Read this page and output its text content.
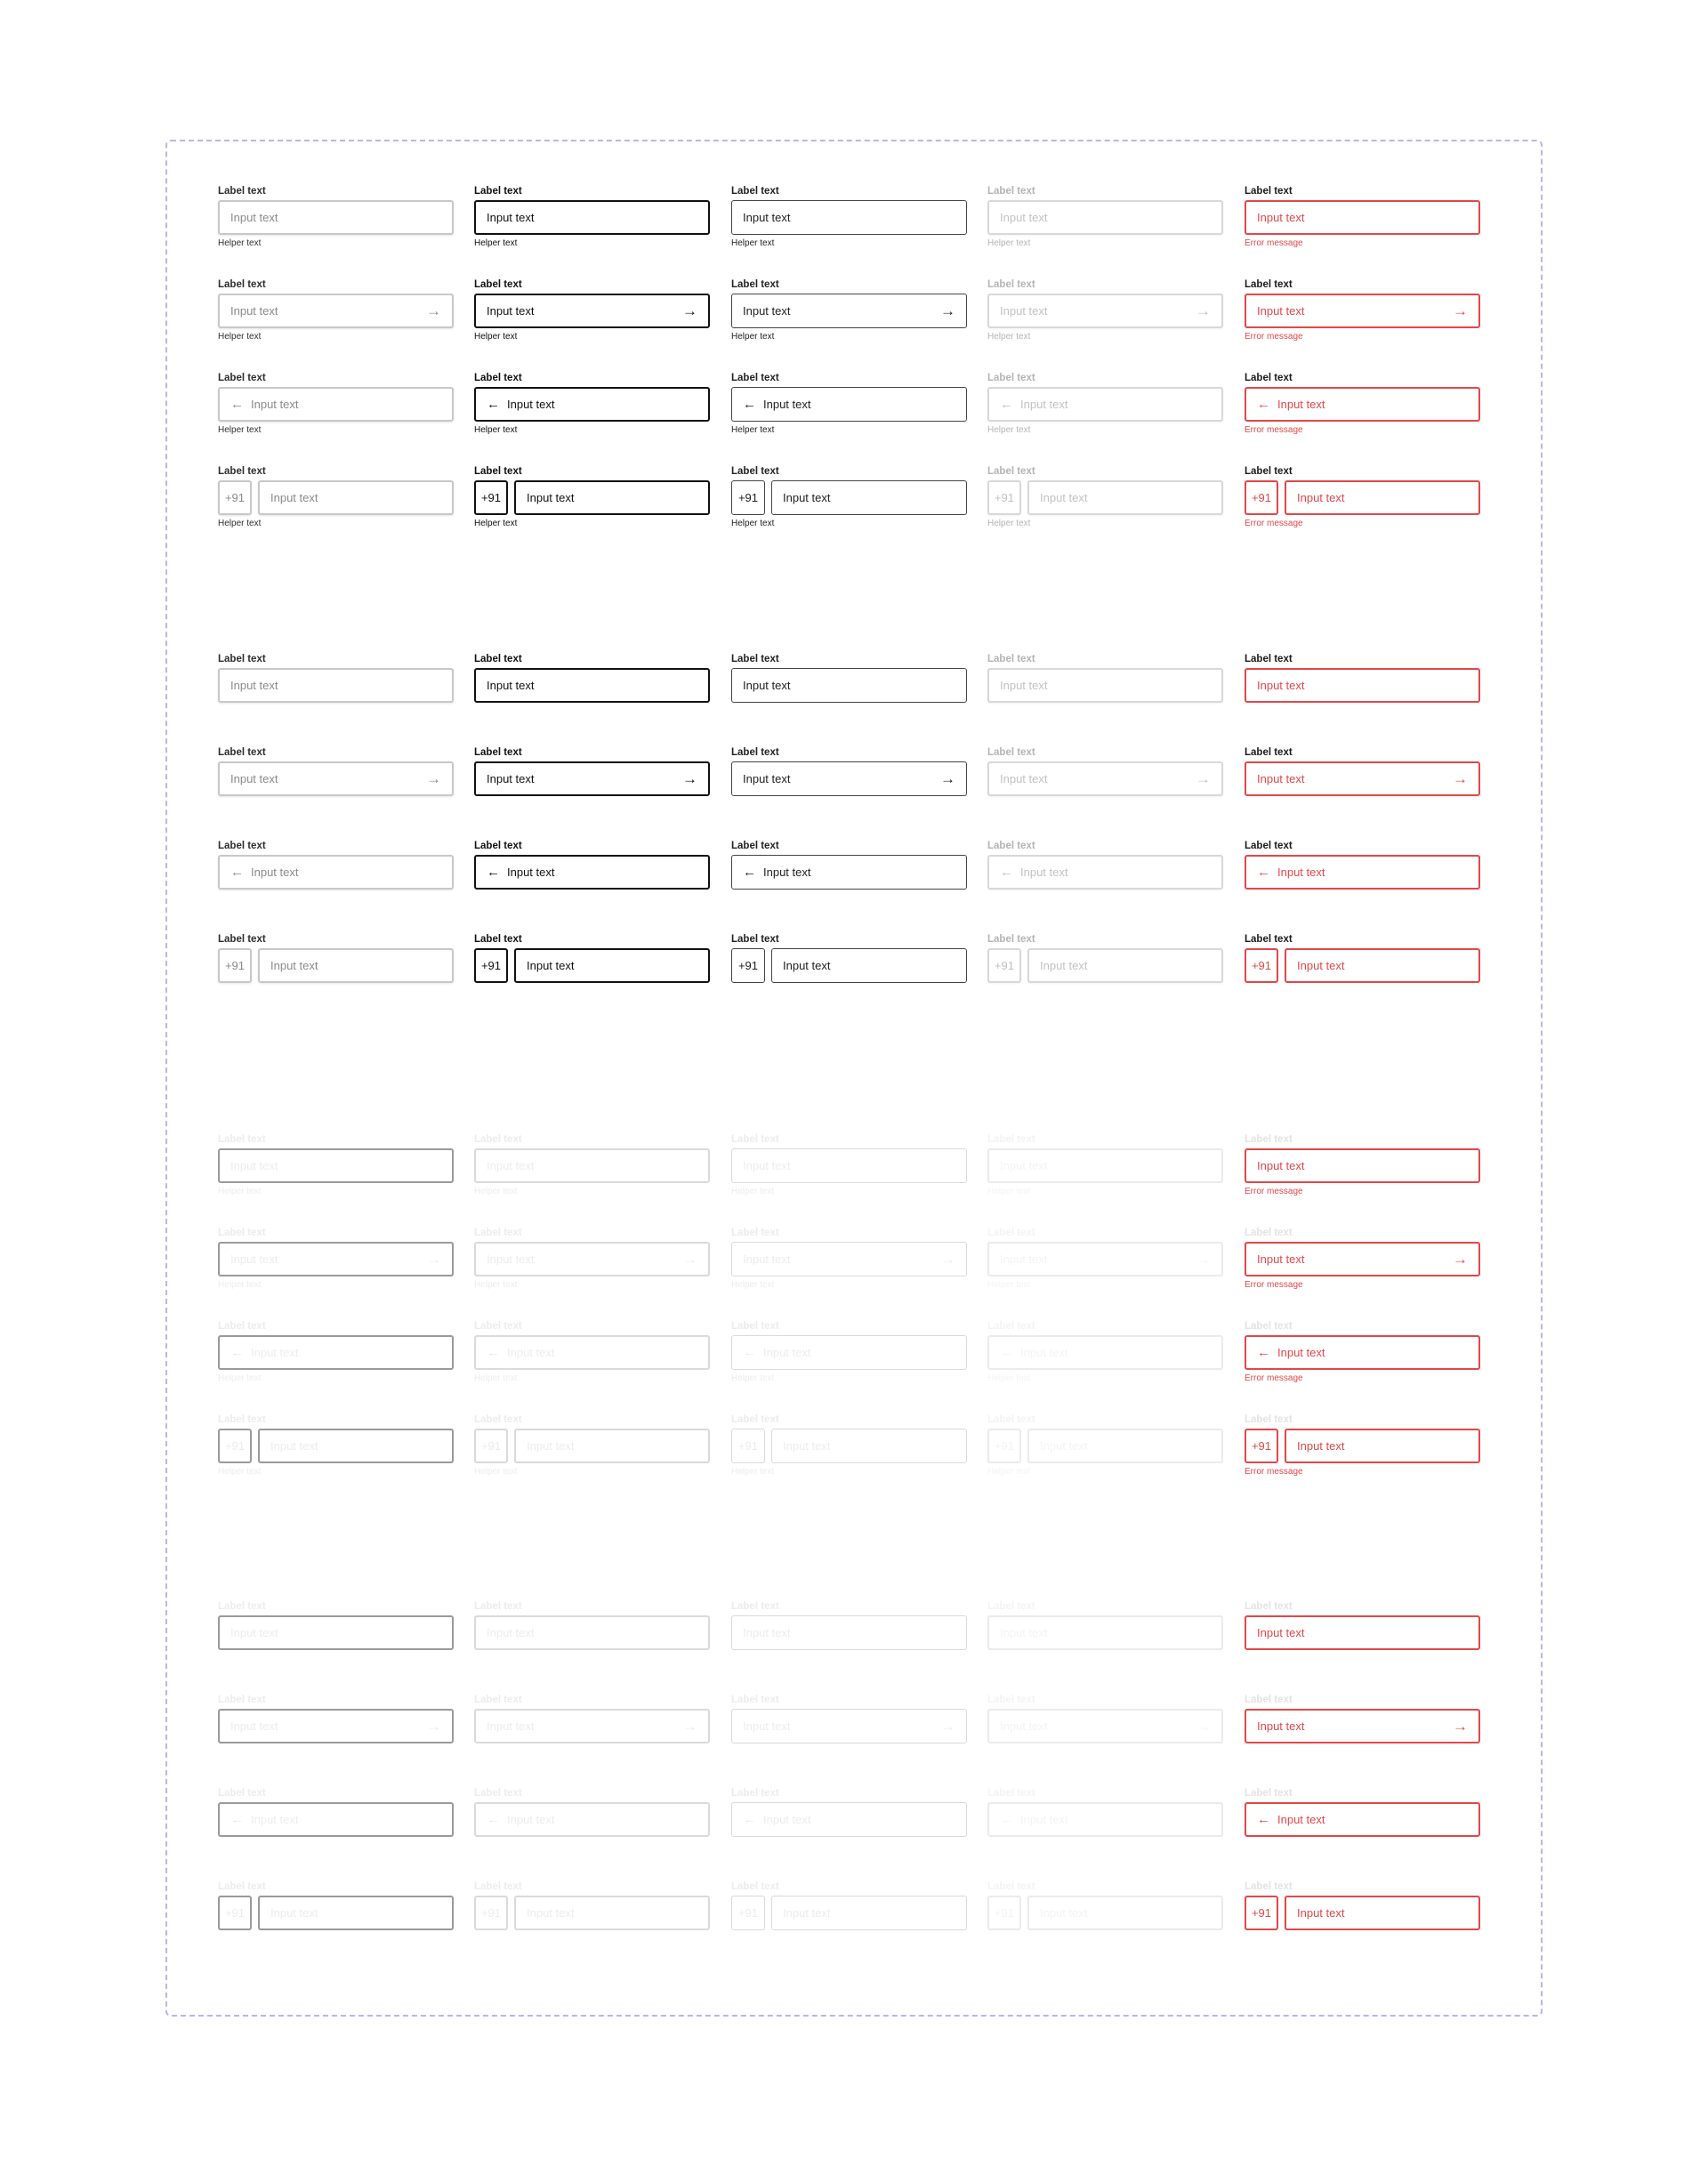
Label text
Input text
Helper text
Label text
Input text
Helper text
Label text
Input text
Helper text
Label text
Input text
Helper text
Label text
Input text
Error message
Label text
Input text	→
Helper text
Label text
Input text	→
Helper text
Label text
Input text	→
Helper text
Label text
Input text	→
Helper text
Label text
Input text	→
Error message
Label text
← Input text
Helper text
Label text
← Input text
Helper text
Label text
← Input text
Helper text
Label text
← Input text
Helper text
Label text
← Input text
Error message
Label text
+91	Input text
Helper text
Label text
+91	Input text
Helper text
Label text
+91	Input text
Helper text
Label text
+91	Input text
Helper text
Label text
+91	Input text
Error message
Label text
Input text
Label text
Input text
Label text
Input text
Label text
Input text
Label text
Input text
Label text
Input text	→
Label text
Input text	→
Label text
Input text	→
Label text
Input text	→
Label text
Input text	→
Label text
← Input text
Label text
← Input text
Label text
← Input text
Label text
← Input text
Label text
← Input text
Label text
+91	Input text
Label text
+91	Input text
Label text
+91	Input text
Label text
+91	Input text
Label text
+91	Input text
Label text
Input text
Helper text
Label text
Input text
Helper text
Label text
Input text
Helper text
Label text
Input text
Helper text
Label text
Input text
Error message
Label text
Input text	→
Helper text
Label text
Input text	→
Helper text
Label text
Input text	→
Helper text
Label text
Input text	→
Helper text
Label text
Input text	→
Error message
Label text
← Input text
Helper text
Label text
← Input text
Helper text
Label text
← Input text
Helper text
Label text
← Input text
Helper text
Label text
← Input text
Error message
Label text
+91	Input text
Helper text
Label text
+91	Input text
Helper text
Label text
+91	Input text
Helper text
Label text
+91	Input text
Helper text
Label text
+91	Input text
Error message
Label text
Input text
Label text
Input text
Label text
Input text
Label text
Input text
Label text
Input text
Label text
Input text	→
Label text
Input text	→
Label text
Input text	→
Label text
Input text	→
Label text
Input text	→
Label text
← Input text
Label text
← Input text
Label text
← Input text
Label text
← Input text
Label text
← Input text
Label text
+91	Input text
Label text
+91	Input text
Label text
+91	Input text
Label text
+91	Input text
Label text
+91	Input text
